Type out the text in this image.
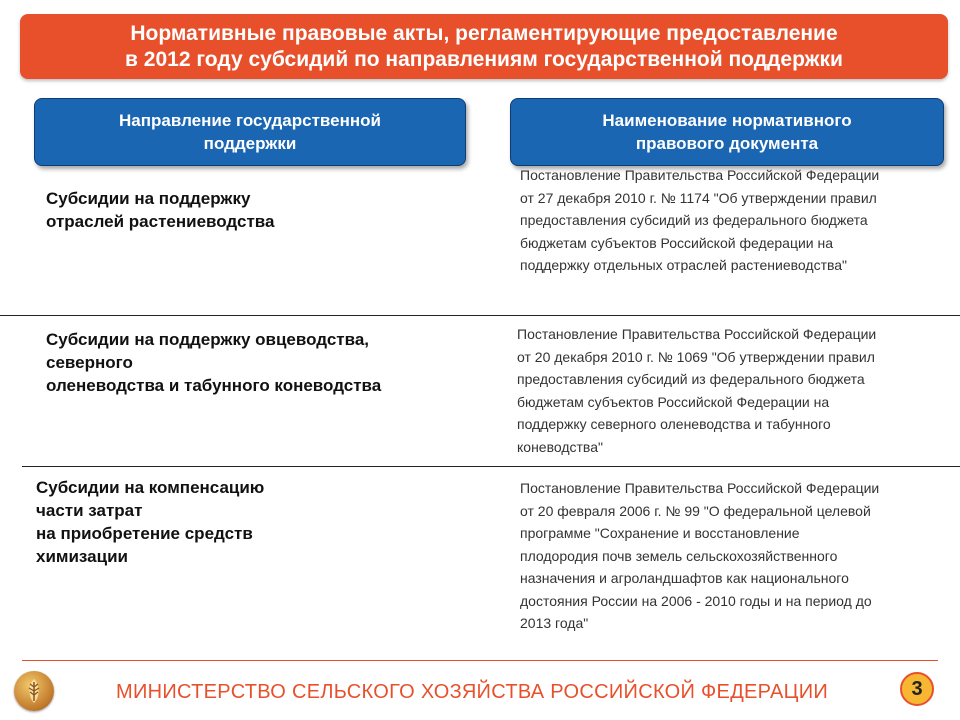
Нормативные правовые акты, регламентирующие предоставление
в 2012 году субсидий по направлениям государственной поддержки
Направление государственной
поддержки
Наименование нормативного
правового документа
Субсидии на поддержку
отраслей растениеводства
Постановление Правительства Российской Федерации
от 27 декабря 2010 г. № 1174 "Об утверждении правил
предоставления субсидий из федерального бюджета
бюджетам субъектов Российской федерации на
поддержку отдельных отраслей растениеводства"
Субсидии на поддержку овцеводства,
северного
оленеводства и табунного коневодства
Постановление Правительства Российской Федерации
от 20 декабря 2010 г. № 1069 "Об утверждении правил
предоставления субсидий из федерального бюджета
бюджетам субъектов Российской Федерации на
поддержку северного оленеводства и табунного
коневодства"
Субсидии на компенсацию
части затрат
на приобретение средств
химизации
Постановление Правительства Российской Федерации
от 20 февраля 2006 г. № 99 "О федеральной целевой
программе "Сохранение и восстановление
плодородия почв земель сельскохозяйственного
назначения и агроландшафтов как национального
достояния России на 2006 - 2010 годы и на период до
2013 года"
МИНИСТЕРСТВО СЕЛЬСКОГО ХОЗЯЙСТВА РОССИЙСКОЙ ФЕДЕРАЦИИ	3
